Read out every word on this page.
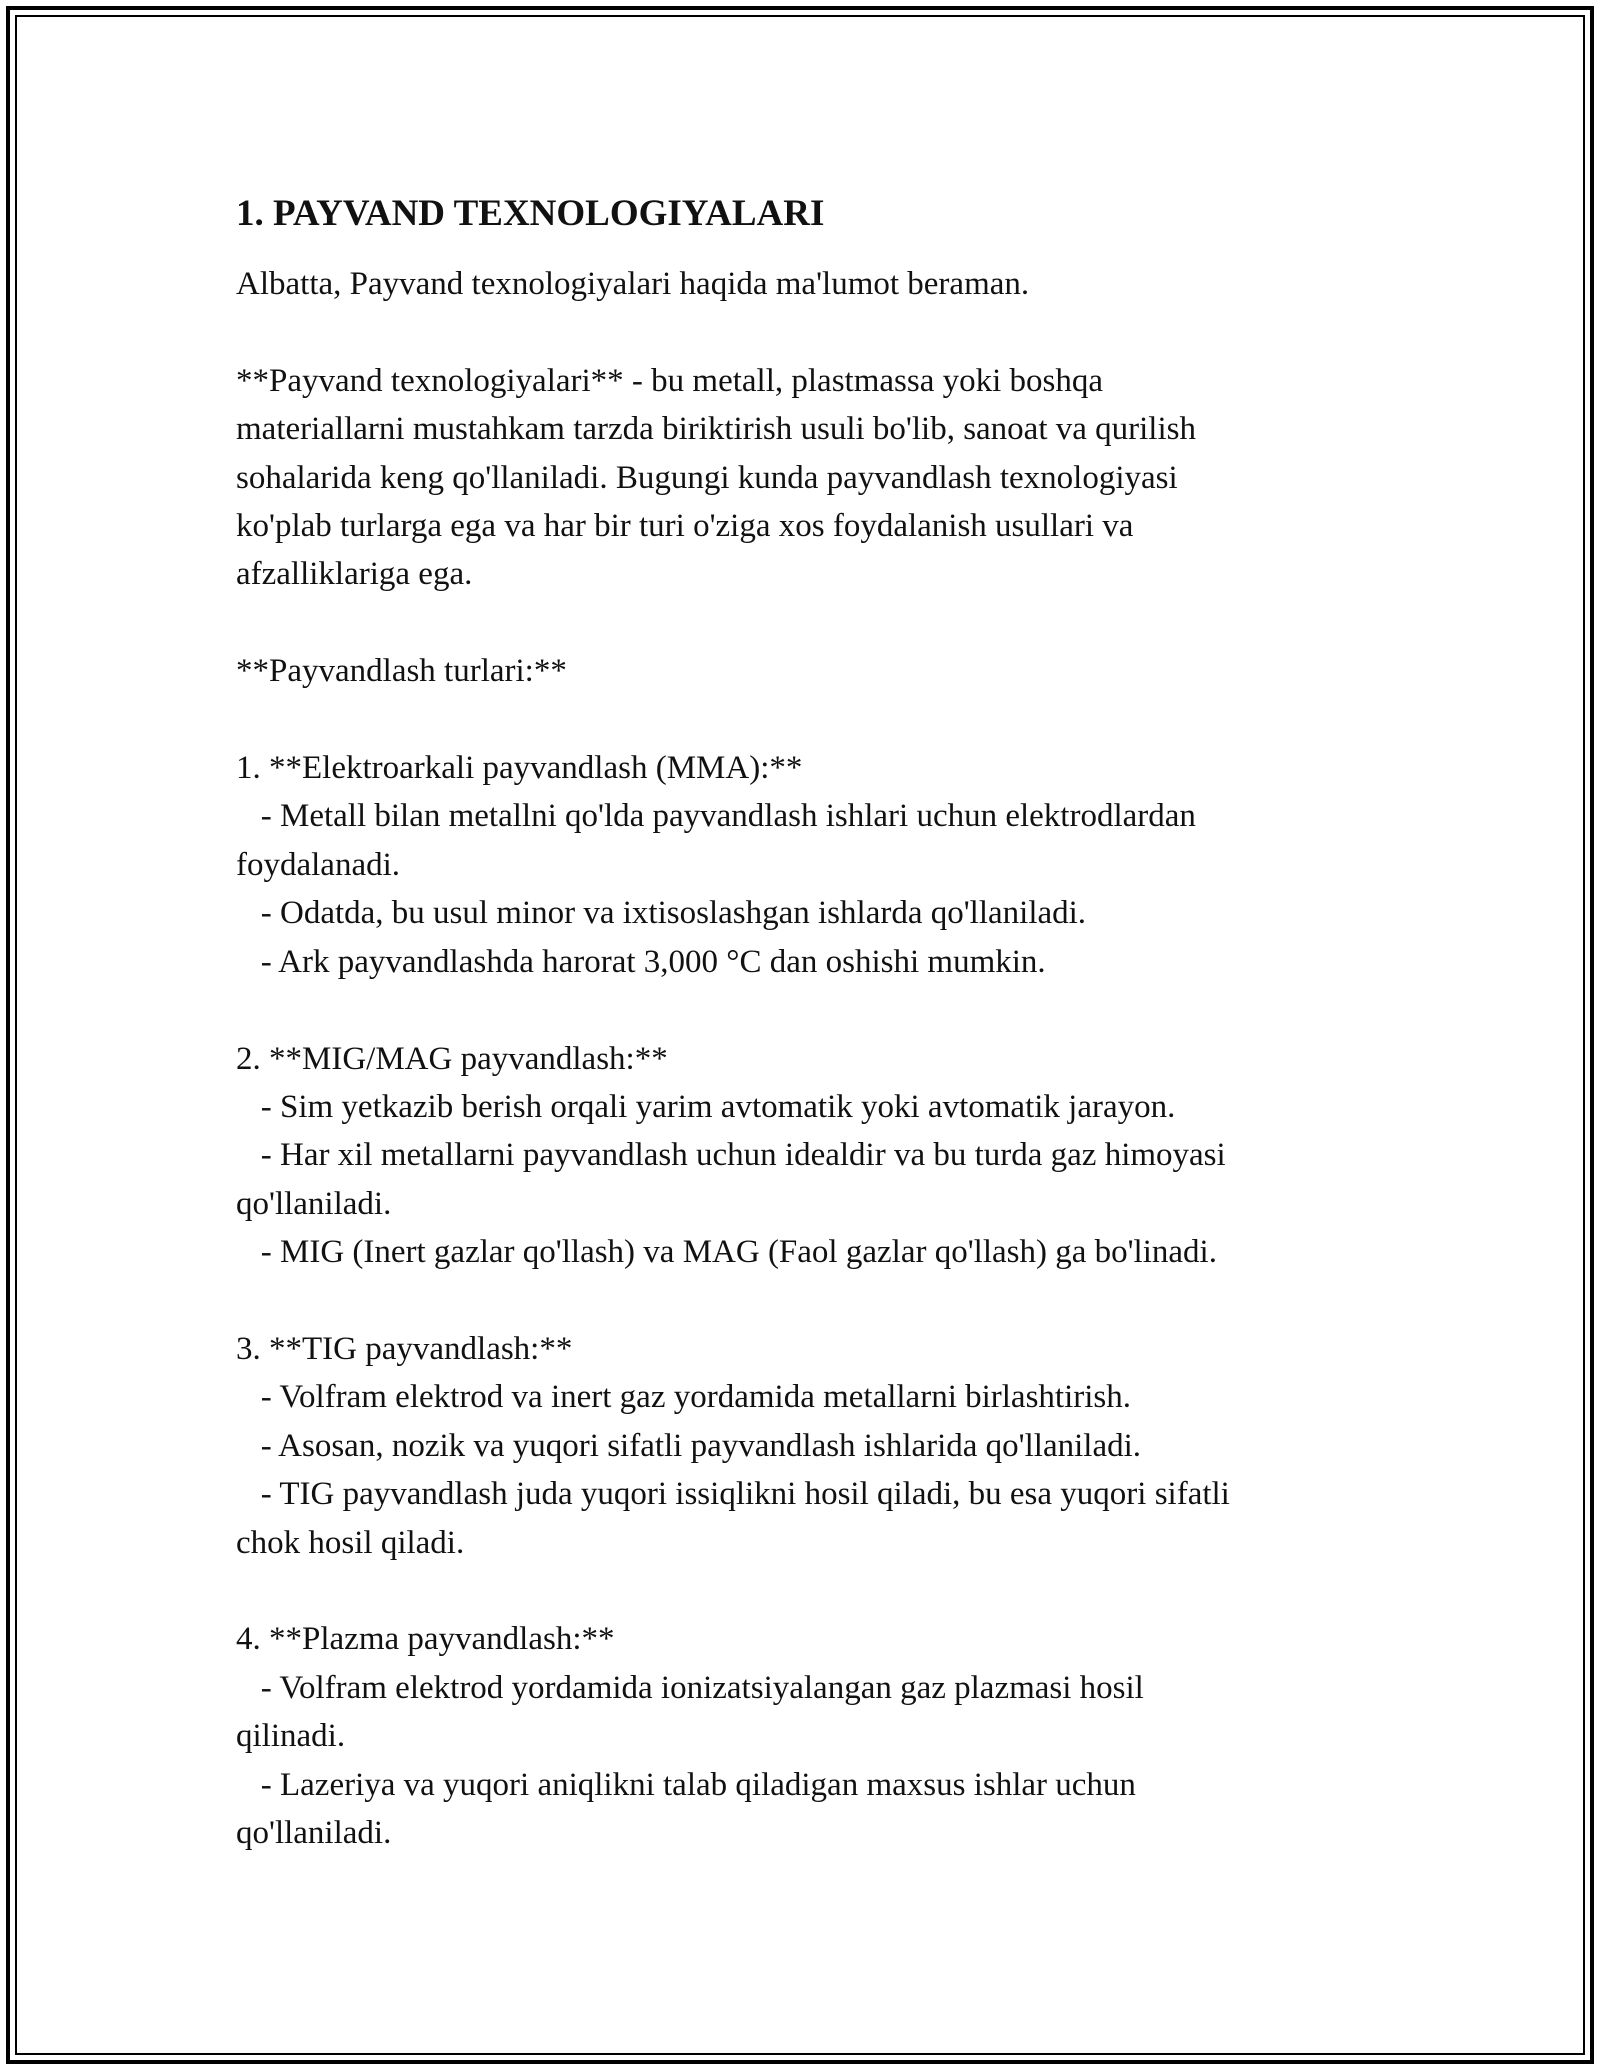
1. PAYVAND TEXNOLOGIYALARI
Albatta, Payvand texnologiyalari haqida ma'lumot beraman.

**Payvand texnologiyalari** - bu metall, plastmassa yoki boshqa
materiallarni mustahkam tarzda biriktirish usuli bo'lib, sanoat va qurilish
sohalarida keng qo'llaniladi. Bugungi kunda payvandlash texnologiyasi
ko'plab turlarga ega va har bir turi o'ziga xos foydalanish usullari va
afzalliklariga ega.

**Payvandlash turlari:**

1. **Elektroarkali payvandlash (MMA):**
- Metall bilan metallni qo'lda payvandlash ishlari uchun elektrodlardan
foydalanadi.
- Odatda, bu usul minor va ixtisoslashgan ishlarda qo'llaniladi.
- Ark payvandlashda harorat 3,000 °C dan oshishi mumkin.

2. **MIG/MAG payvandlash:**
- Sim yetkazib berish orqali yarim avtomatik yoki avtomatik jarayon.
- Har xil metallarni payvandlash uchun idealdir va bu turda gaz himoyasi
qo'llaniladi.
- MIG (Inert gazlar qo'llash) va MAG (Faol gazlar qo'llash) ga bo'linadi.

3. **TIG payvandlash:**
- Volfram elektrod va inert gaz yordamida metallarni birlashtirish.
- Asosan, nozik va yuqori sifatli payvandlash ishlarida qo'llaniladi.
- TIG payvandlash juda yuqori issiqlikni hosil qiladi, bu esa yuqori sifatli
chok hosil qiladi.

4. **Plazma payvandlash:**
- Volfram elektrod yordamida ionizatsiyalangan gaz plazmasi hosil
qilinadi.
- Lazeriya va yuqori aniqlikni talab qiladigan maxsus ishlar uchun
qo'llaniladi.
